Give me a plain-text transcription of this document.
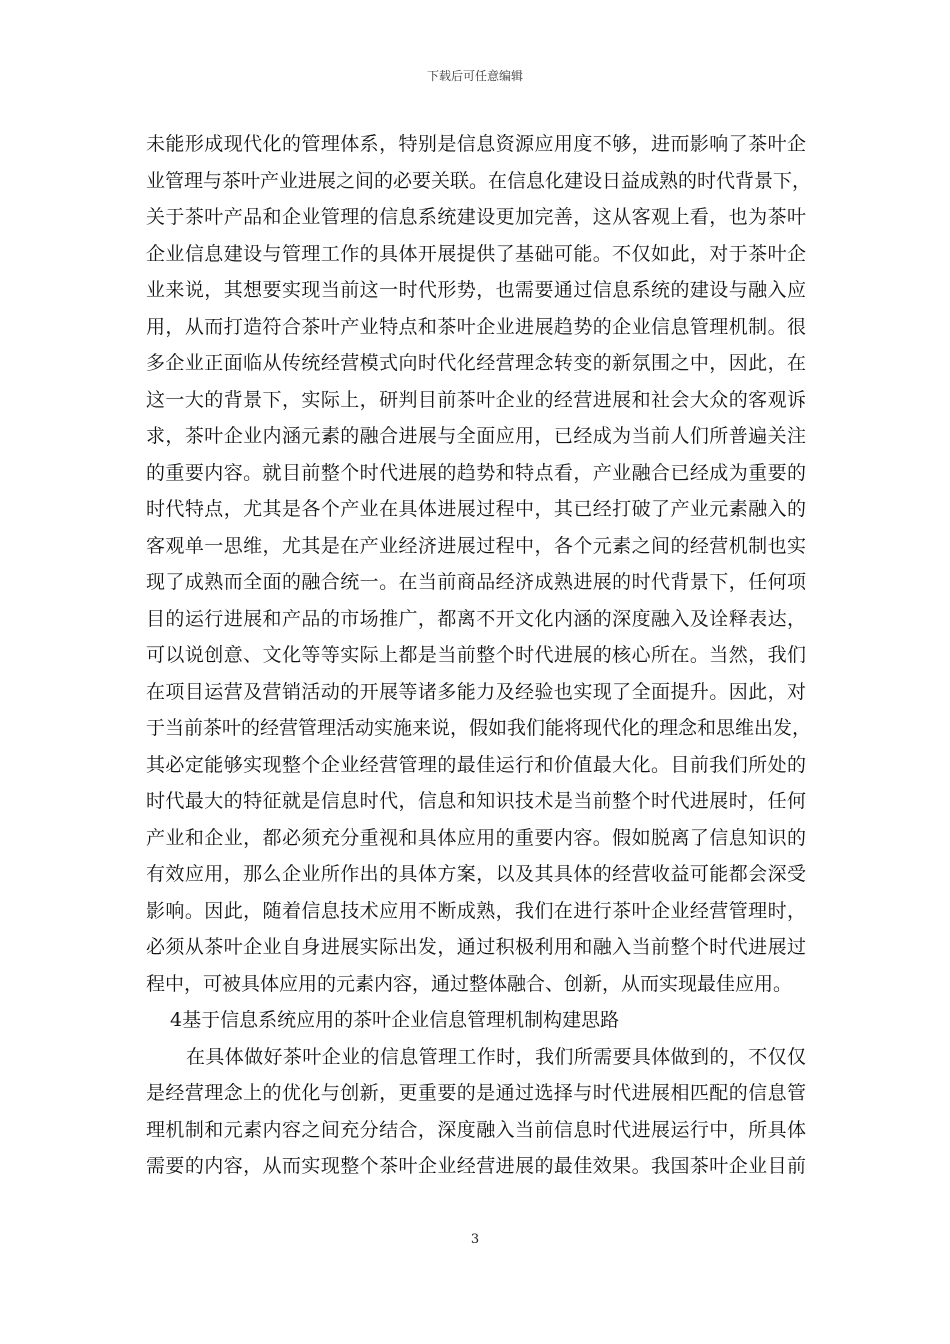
下载后可任意编辑
未能形成现代化的管理体系，特别是信息资源应用度不够，进而影响了茶叶企
业管理与茶叶产业进展之间的必要关联。在信息化建设日益成熟的时代背景下，
关于茶叶产品和企业管理的信息系统建设更加完善，这从客观上看，也为茶叶
企业信息建设与管理工作的具体开展提供了基础可能。不仅如此，对于茶叶企
业来说，其想要实现当前这一时代形势，也需要通过信息系统的建设与融入应
用，从而打造符合茶叶产业特点和茶叶企业进展趋势的企业信息管理机制。很
多企业正面临从传统经营模式向时代化经营理念转变的新氛围之中，因此，在
这一大的背景下，实际上，研判目前茶叶企业的经营进展和社会大众的客观诉
求，茶叶企业内涵元素的融合进展与全面应用，已经成为当前人们所普遍关注
的重要内容。就目前整个时代进展的趋势和特点看，产业融合已经成为重要的
时代特点，尤其是各个产业在具体进展过程中，其已经打破了产业元素融入的
客观单一思维，尤其是在产业经济进展过程中，各个元素之间的经营机制也实
现了成熟而全面的融合统一。在当前商品经济成熟进展的时代背景下，任何项
目的运行进展和产品的市场推广，都离不开文化内涵的深度融入及诠释表达，
可以说创意、文化等等实际上都是当前整个时代进展的核心所在。当然，我们
在项目运营及营销活动的开展等诸多能力及经验也实现了全面提升。因此，对
于当前茶叶的经营管理活动实施来说，假如我们能将现代化的理念和思维出发，
其必定能够实现整个企业经营管理的最佳运行和价值最大化。目前我们所处的
时代最大的特征就是信息时代，信息和知识技术是当前整个时代进展时，任何
产业和企业，都必须充分重视和具体应用的重要内容。假如脱离了信息知识的
有效应用，那么企业所作出的具体方案，以及其具体的经营收益可能都会深受
影响。因此，随着信息技术应用不断成熟，我们在进行茶叶企业经营管理时，
必须从茶叶企业自身进展实际出发，通过积极利用和融入当前整个时代进展过
程中，可被具体应用的元素内容，通过整体融合、创新，从而实现最佳应用。
4基于信息系统应用的茶叶企业信息管理机制构建思路
在具体做好茶叶企业的信息管理工作时，我们所需要具体做到的，不仅仅
是经营理念上的优化与创新，更重要的是通过选择与时代进展相匹配的信息管
理机制和元素内容之间充分结合，深度融入当前信息时代进展运行中，所具体
需要的内容，从而实现整个茶叶企业经营进展的最佳效果。我国茶叶企业目前
3
